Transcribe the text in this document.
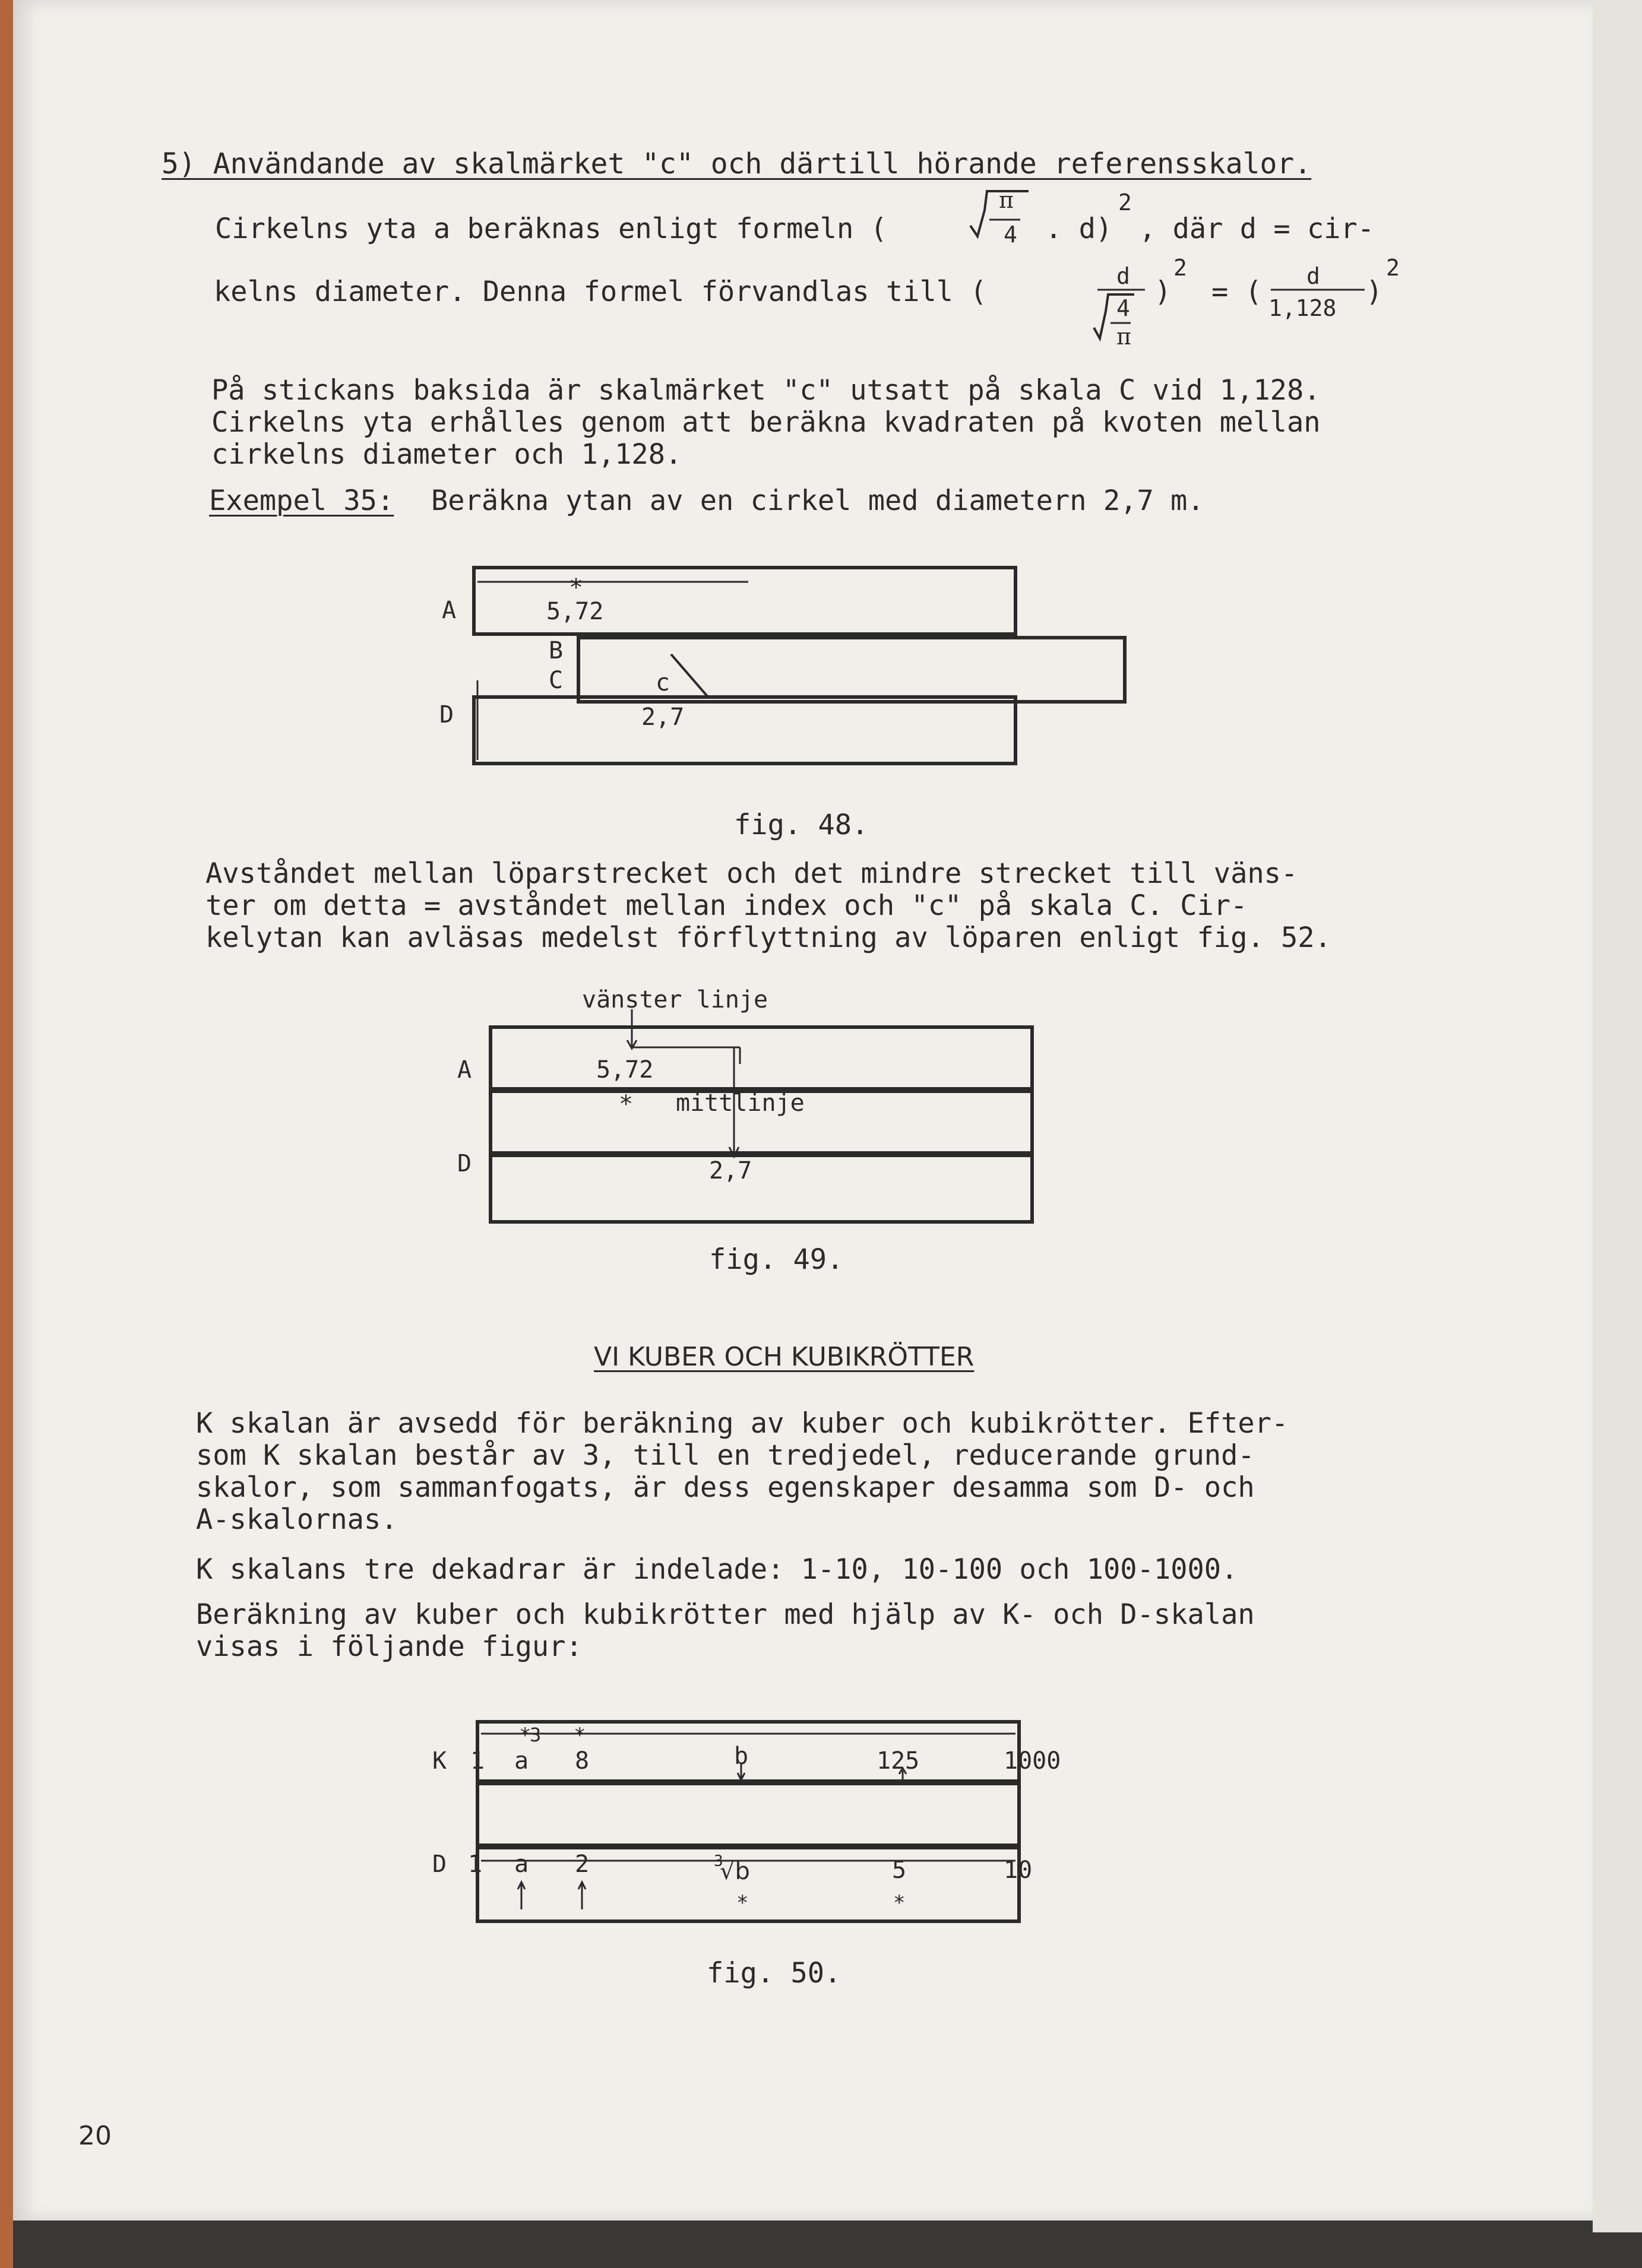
5) Användande av skalmärket "c" och därtill hörande referensskalor.
Cirkelns yta a beräknas enligt formeln (
π
4 . d)
2
, där d = cir-
kelns diameter. Denna formel förvandlas till (	d
4
π
)
2
= ( d
1,128 )
2
På stickans baksida är skalmärket "c" utsatt på skala C vid 1,128.
Cirkelns yta erhålles genom att beräkna kvadraten på kvoten mellan
cirkelns diameter och 1,128.
Exempel 35: Beräkna ytan av en cirkel med diametern 2,7 m.
A
*
5,72
B
C	c
D	2,7
fig. 48.
Avståndet mellan löparstrecket och det mindre strecket till väns-
ter om detta = avståndet mellan index och "c" på skala C. Cir-
kelytan kan avläsas medelst förflyttning av löparen enligt fig. 52.
vänster linje
A	5,72
* mittlinje
D	2,7
fig. 49.
VI KUBER OCH KUBIKRÖTTER
K skalan är avsedd för beräkning av kuber och kubikrötter. Efter-
som K skalan består av 3, till en tredjedel, reducerande grund-
skalor, som sammanfogats, är dess egenskaper desamma som D- och
A-skalornas.
K skalans tre dekadrar är indelade: 1-10, 10-100 och 100-1000.
Beräkning av kuber och kubikrötter med hjälp av K- och D-skalan
visas i följande figur:
K 1
*
a
3 *
8	b	125	1000
D 1 a 2	3
√b
*
5
*
10
fig. 50.
20
